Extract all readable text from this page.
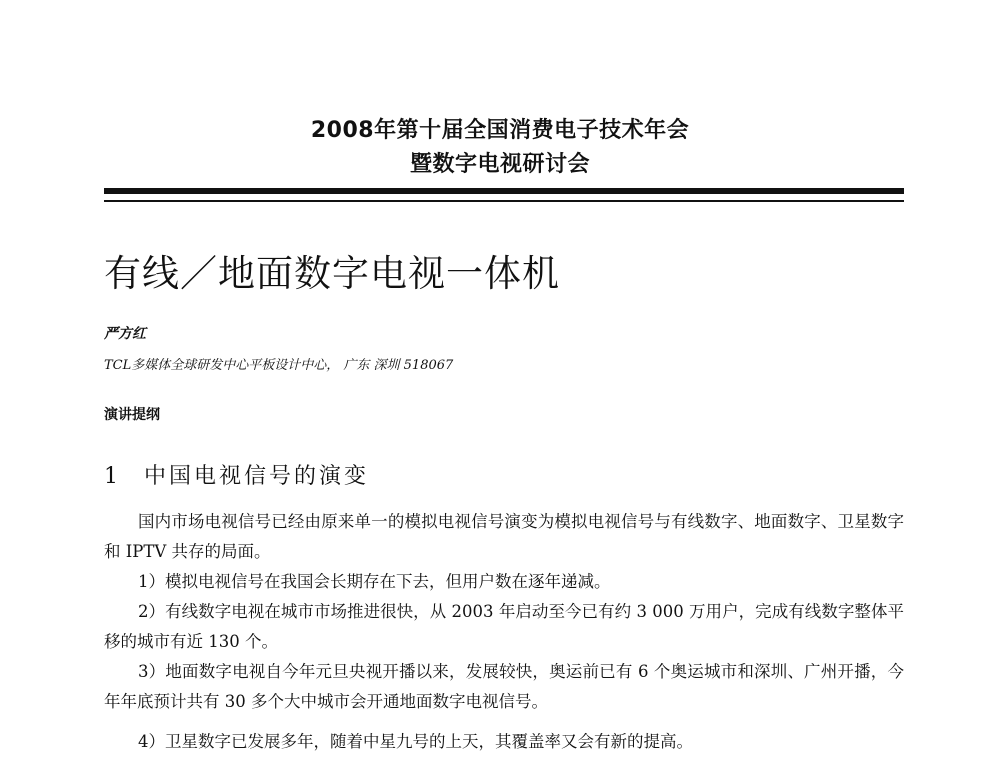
2008年第十届全国消费电子技术年会
暨数字电视研讨会
有线／地面数字电视一体机
严方红
TCL多媒体全球研发中心平板设计中心， 广东 深圳 518067
演讲提纲
1 中国电视信号的演变

国内市场电视信号已经由原来单一的模拟电视信号演变为模拟电视信号与有线数字、地面数字、卫星数字和 IPTV 共存的局面。

1）模拟电视信号在我国会长期存在下去，但用户数在逐年递减。

2）有线数字电视在城市市场推进很快，从 2003 年启动至今已有约 3 000 万用户，完成有线数字整体平移的城市有近 130 个。

3）地面数字电视自今年元旦央视开播以来，发展较快，奥运前已有 6 个奥运城市和深圳、广州开播，今年年底预计共有 30 多个大中城市会开通地面数字电视信号。

4）卫星数字已发展多年，随着中星九号的上天，其覆盖率又会有新的提高。
